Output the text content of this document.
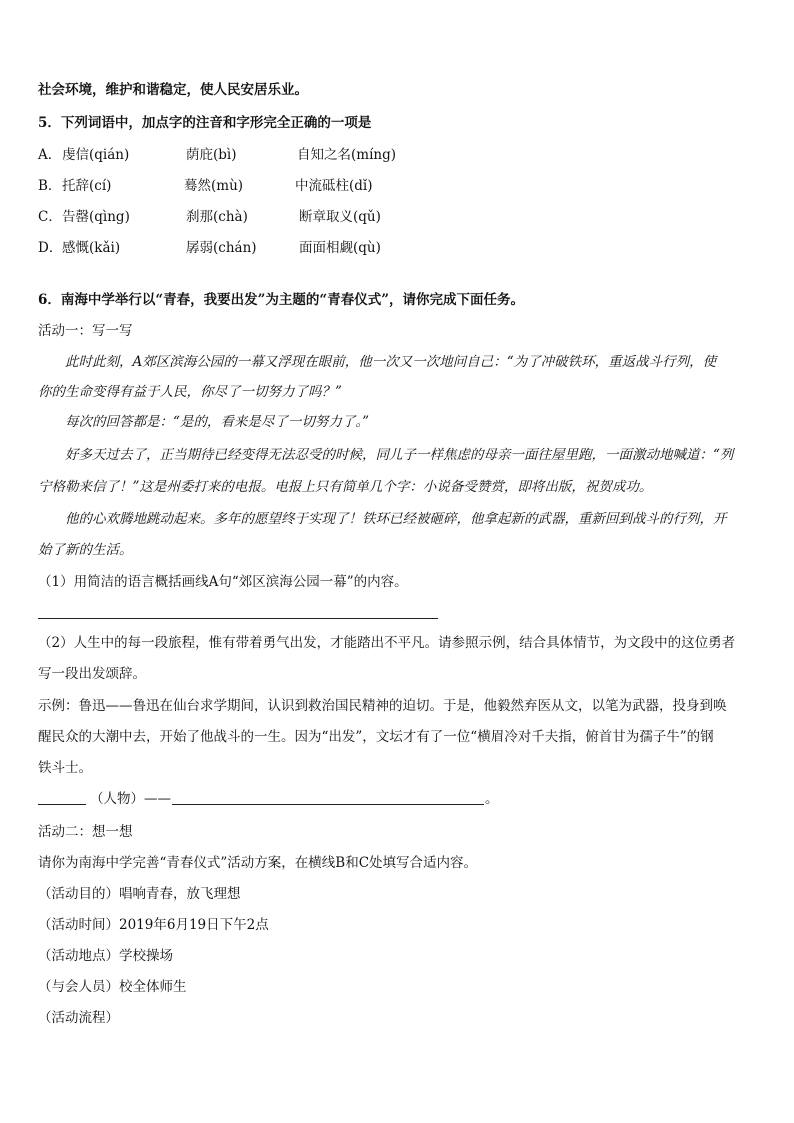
社会环境，维护和谐稳定，使人民安居乐业。
5．下列词语中，加点字的注音和字形完全正确的一项是
A． 虔信(qián)	荫庇(bì)	自知之名(míng)
B． 托辞(cí)	蓦然(mù)	中流砥柱(dǐ)
C． 告罄(qìng)	刹那(chà)	断章取义(qǔ)
D． 感慨(kǎi)	孱弱(chán)	面面相觑(qù)
6．南海中学举行以“青春，我要出发”为主题的“青春仪式”，请你完成下面任务。
活动一：写一写
此时此刻，A郊区滨海公园的一幕又浮现在眼前，他一次又一次地问自己：“为了冲破铁环，重返战斗行列，使
你的生命变得有益于人民，你尽了一切努力了吗？”
每次的回答都是：“是的，看来是尽了一切努力了。”
好多天过去了，正当期待已经变得无法忍受的时候，同儿子一样焦虑的母亲一面往屋里跑，一面激动地喊道：“列
宁格勒来信了！”这是州委打来的电报。电报上只有简单几个字：小说备受赞赏，即将出版，祝贺成功。
他的心欢腾地跳动起来。多年的愿望终于实现了！铁环已经被砸碎，他拿起新的武器，重新回到战斗的行列，开
始了新的生活。
（1）用简洁的语言概括画线A句“郊区滨海公园一幕”的内容。
（2）人生中的每一段旅程，惟有带着勇气出发，才能踏出不平凡。请参照示例，结合具体情节，为文段中的这位勇者
写一段出发颂辞。
示例：鲁迅——鲁迅在仙台求学期间，认识到救治国民精神的迫切。于是，他毅然弃医从文，以笔为武器，投身到唤
醒民众的大潮中去，开始了他战斗的一生。因为“出发”，文坛才有了一位“横眉冷对千夫指，俯首甘为孺子牛”的钢
铁斗士。
（人物）——	。
活动二：想一想
请你为南海中学完善“青春仪式”活动方案，在横线B和C处填写合适内容。
（活动目的）唱响青春，放飞理想
（活动时间）2019年6月19日下午2点
（活动地点）学校操场
（与会人员）校全体师生
（活动流程）
